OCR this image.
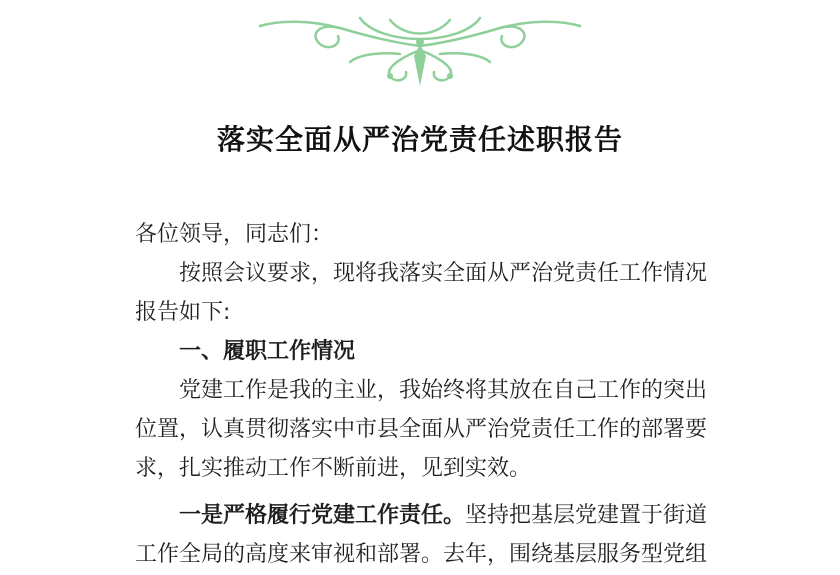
落实全面从严治党责任述职报告

各位领导，同志们：

按照会议要求，现将我落实全面从严治党责任工作情况报告如下:

一、履职工作情况

党建工作是我的主业，我始终将其放在自己工作的突出位置，认真贯彻落实中市县全面从严治党责任工作的部署要求，扎实推动工作不断前进，见到实效。

一是严格履行党建工作责任。坚持把基层党建置于街道工作全局的高度来审视和部署。去年，围绕基层服务型党组
